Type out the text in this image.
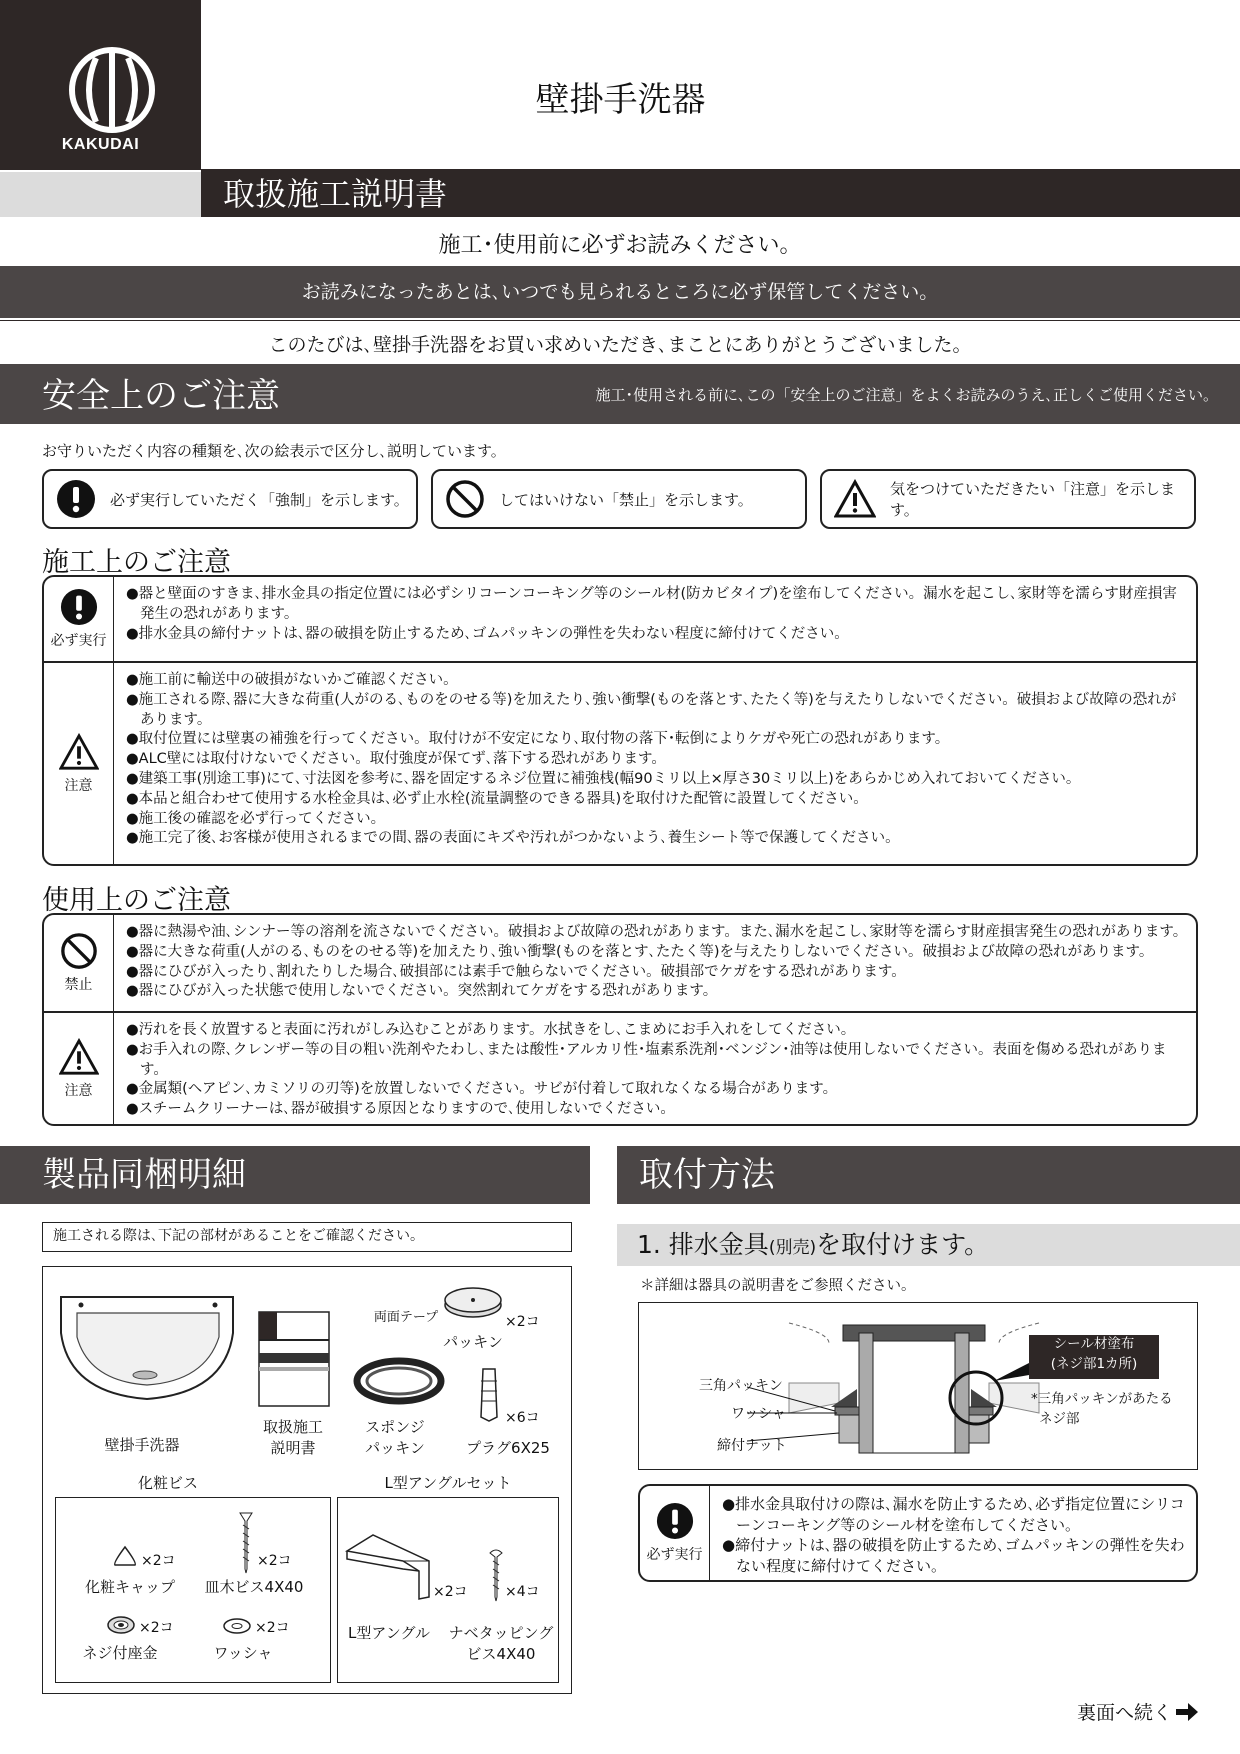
KAKUDAI
壁掛手洗器
取扱施工説明書
施工･使用前に必ずお読みください。
お読みになったあとは､いつでも見られるところに必ず保管してください。
このたびは､壁掛手洗器をお買い求めいただき､まことにありがとうございました。
安全上のご注意	施工･使用される前に､この「安全上のご注意」をよくお読みのうえ､正しくご使用ください。
お守りいただく内容の種類を､次の絵表示で区分し､説明しています。
必ず実行していただく「強制」を示します。	してはいけない「禁止」を示します。
気をつけていただきたい「注意」を示します。
施工上のご注意
必ず実行
●器と壁面のすきま､排水金具の指定位置には必ずシリコーンコーキング等のシール材(防カビタイプ)を塗布してください。漏水を起こし､家財等を濡らす財産損害発生の恐れがあります。
●排水金具の締付ナットは､器の破損を防止するため､ゴムパッキンの弾性を失わない程度に締付けてください。
注意
●施工前に輸送中の破損がないかご確認ください。
●施工される際､器に大きな荷重(人がのる､ものをのせる等)を加えたり､強い衝撃(ものを落とす､たたく等)を与えたりしないでください。破損および故障の恐れがあります。
●取付位置には壁裏の補強を行ってください。取付けが不安定になり､取付物の落下･転倒によりケガや死亡の恐れがあります。
●ALC壁には取付けないでください。取付強度が保てず､落下する恐れがあります。
●建築工事(別途工事)にて､寸法図を参考に､器を固定するネジ位置に補強桟(幅90ミリ以上×厚さ30ミリ以上)をあらかじめ入れておいてください。
●本品と組合わせて使用する水栓金具は､必ず止水栓(流量調整のできる器具)を取付けた配管に設置してください。
●施工後の確認を必ず行ってください。
●施工完了後､お客様が使用されるまでの間､器の表面にキズや汚れがつかないよう､養生シート等で保護してください。
使用上のご注意
禁止
●器に熱湯や油､シンナー等の溶剤を流さないでください。破損および故障の恐れがあります。また､漏水を起こし､家財等を濡らす財産損害発生の恐れがあります。
●器に大きな荷重(人がのる､ものをのせる等)を加えたり､強い衝撃(ものを落とす､たたく等)を与えたりしないでください。破損および故障の恐れがあります。
●器にひびが入ったり､割れたりした場合､破損部には素手で触らないでください。破損部でケガをする恐れがあります。
●器にひびが入った状態で使用しないでください。突然割れてケガをする恐れがあります。
注意
●汚れを長く放置すると表面に汚れがしみ込むことがあります。水拭きをし､こまめにお手入れをしてください。
●お手入れの際､クレンザー等の目の粗い洗剤やたわし､または酸性･アルカリ性･塩素系洗剤･ベンジン･油等は使用しないでください。表面を傷める恐れがあります。
●金属類(ヘアピン､カミソリの刃等)を放置しないでください。サビが付着して取れなくなる場合があります。
●スチームクリーナーは､器が破損する原因となりますので､使用しないでください。
製品同梱明細
施工される際は､下記の部材があることをご確認ください。
壁掛手洗器
取扱施工
説明書
両面テープ	×2コ
パッキン
スポンジ
パッキン
×6コ
プラグ6X25
化粧ビス
×2コ
化粧キャップ
×2コ
皿木ビス4X40
×2コ
ネジ付座金
×2コ
ワッシャ
L型アングルセット
×2コ
L型アングル
×4コ
ナベタッピング
ビス4X40
取付方法
1. 排水金具(別売)を取付けます。
＊詳細は器具の説明書をご参照ください。
三角パッキン
ワッシャ
締付ナット
シール材塗布
(ネジ部1カ所)
*三角パッキンがあたる
ネジ部
必ず実行
●排水金具取付けの際は､漏水を防止するため､必ず指定位置にシリコーンコーキング等のシール材を塗布してください。
●締付ナットは､器の破損を防止するため､ゴムパッキンの弾性を失わない程度に締付けてください。
裏面へ続く
